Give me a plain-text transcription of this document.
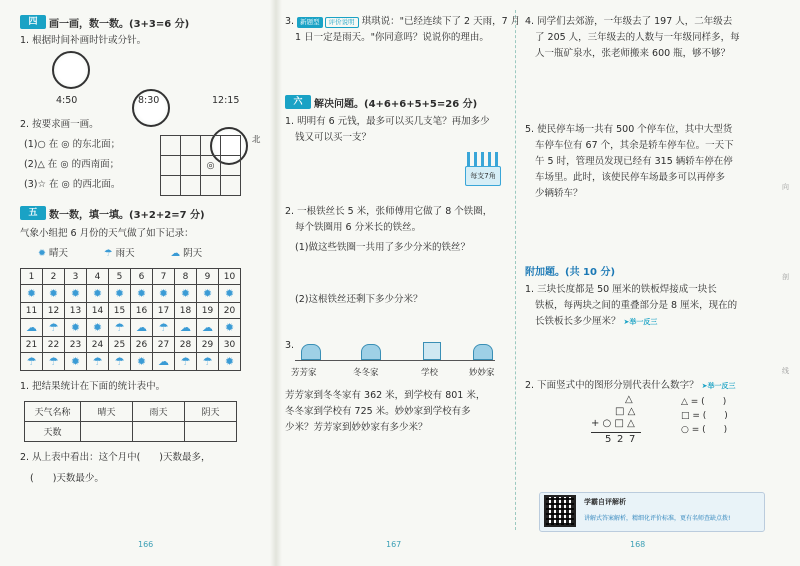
四	画一画，数一数。(3+3=6 分)
1. 根据时间补画时针或分针。
4:50	8:30	12:15
2. 按要求画一画。
(1)○ 在 ◎ 的东北面；
(2)△ 在 ◎ 的西南面；
(3)☆ 在 ◎ 的西北面。

		◎	

北
五	数一数，填一填。(3+2+2=7 分)
气象小组把 6 月份的天气做了如下记录：
✹ 晴天	☂ 雨天	☁ 阴天
1	2	3	4	5	6	7	8	9	10
✹	✹	✹	✹	✹	✹	✹	✹	✹	✹
11	12	13	14	15	16	17	18	19	20
☁	☂	✹	✹	☂	☁	☂	☁	☁	✹
21	22	23	24	25	26	27	28	29	30
☂	☂	✹	☂	☂	✹	☁	☂	☂	✹
1. 把结果统计在下面的统计表中。
天气名称	晴天	雨天	阴天
天数			
2. 从上表中看出：这个月中(　　)天数最多，
(　　)天数最少。
166
3. 新题型 评价说明 琪琪说："已经连续下了 2 天雨，7 月
1 日一定是雨天。"你同意吗？说说你的理由。
六	解决问题。(4+6+6+5+5=26 分)
1. 明明有 6 元钱，最多可以买几支笔？再加多少
钱又可以买一支？
每支7角
2. 一根铁丝长 5 米，张师傅用它做了 8 个铁圈，
每个铁圈用 6 分米长的铁丝。
(1)做这些铁圈一共用了多少分米的铁丝？
(2)这根铁丝还剩下多少分米？
3.
芳芳家	冬冬家	学校	妙妙家
芳芳家到冬冬家有 362 米，到学校有 801 米，
冬冬家到学校有 725 米。妙妙家到学校有多
少米？芳芳家到妙妙家有多少米？
167
4. 同学们去郊游，一年级去了 197 人，二年级去
了 205 人，三年级去的人数与一年级同样多，每
人一瓶矿泉水，张老师搬来 600 瓶，够不够？
5. 使民停车场一共有 500 个停车位，其中大型货
车停车位有 67 个，其余是轿车停车位。一天下
午 5 时，管理员发现已经有 315 辆轿车停在停
车场里。此时，该使民停车场最多可以再停多
少辆轿车？
附加题。(共 10 分)
1. 三块长度都是 50 厘米的铁板焊接成一块长
铁板，每两块之间的重叠部分是 8 厘米，现在的
长铁板长多少厘米？ ➤举一反三
2. 下面竖式中的图形分别代表什么数字？ ➤举一反三
△
□ △
+ ○ □ △
5 2 7
△ = (　　)
□ = (　　)
○ = (　　)
学霸自评解析
讲解式答案解析，精细化评价标准，更有名师查缺点拨!
168
向
剖
线
